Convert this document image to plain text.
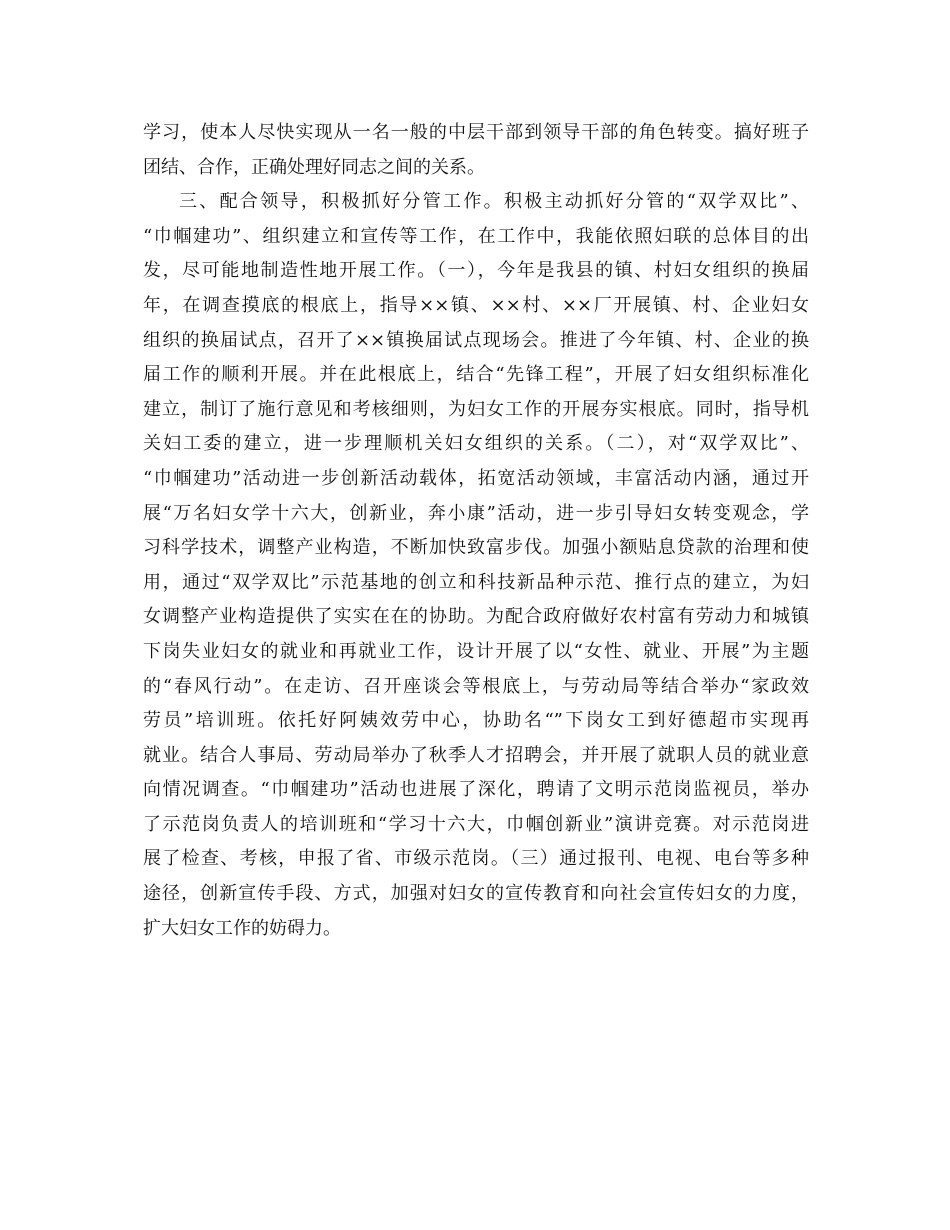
学习，使本人尽快实现从一名一般的中层干部到领导干部的角色转变。搞好班子
团结、合作，正确处理好同志之间的关系。
三、配合领导，积极抓好分管工作。积极主动抓好分管的“双学双比”、
“巾帼建功”、组织建立和宣传等工作，在工作中，我能依照妇联的总体目的出
发，尽可能地制造性地开展工作。（一），今年是我县的镇、村妇女组织的换届
年，在调查摸底的根底上，指导××镇、××村、××厂开展镇、村、企业妇女
组织的换届试点，召开了××镇换届试点现场会。推进了今年镇、村、企业的换
届工作的顺利开展。并在此根底上，结合“先锋工程”，开展了妇女组织标准化
建立，制订了施行意见和考核细则，为妇女工作的开展夯实根底。同时，指导机
关妇工委的建立，进一步理顺机关妇女组织的关系。（二），对“双学双比”、
“巾帼建功”活动进一步创新活动载体，拓宽活动领域，丰富活动内涵，通过开
展“万名妇女学十六大，创新业，奔小康”活动，进一步引导妇女转变观念，学
习科学技术，调整产业构造，不断加快致富步伐。加强小额贴息贷款的治理和使
用，通过“双学双比”示范基地的创立和科技新品种示范、推行点的建立，为妇
女调整产业构造提供了实实在在的协助。为配合政府做好农村富有劳动力和城镇
下岗失业妇女的就业和再就业工作，设计开展了以“女性、就业、开展”为主题
的“春风行动”。在走访、召开座谈会等根底上，与劳动局等结合举办“家政效
劳员”培训班。依托好阿姨效劳中心，协助名“”下岗女工到好德超市实现再
就业。结合人事局、劳动局举办了秋季人才招聘会，并开展了就职人员的就业意
向情况调查。“巾帼建功”活动也进展了深化，聘请了文明示范岗监视员，举办
了示范岗负责人的培训班和“学习十六大，巾帼创新业”演讲竞赛。对示范岗进
展了检查、考核，申报了省、市级示范岗。（三）通过报刊、电视、电台等多种
途径，创新宣传手段、方式，加强对妇女的宣传教育和向社会宣传妇女的力度，
扩大妇女工作的妨碍力。
